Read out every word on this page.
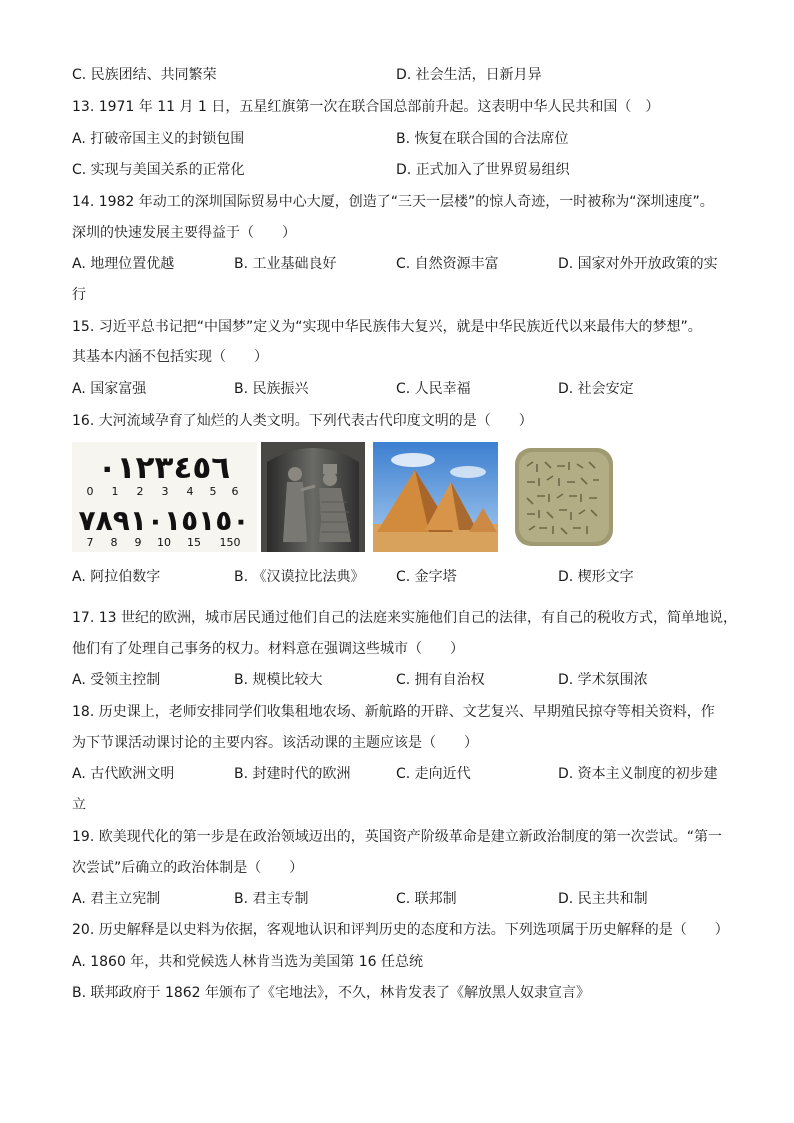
C. 民族团结、共同繁荣	D. 社会生活，日新月异
13. 1971 年 11 月 1 日，五星红旗第一次在联合国总部前升起。这表明中华人民共和国（　）
A. 打破帝国主义的封锁包围	B. 恢复在联合国的合法席位
C. 实现与美国关系的正常化	D. 正式加入了世界贸易组织
14. 1982 年动工的深圳国际贸易中心大厦，创造了“三天一层楼”的惊人奇迹，一时被称为“深圳速度”。
深圳的快速发展主要得益于（　　）
A. 地理位置优越	B. 工业基础良好	C. 自然资源丰富	D. 国家对外开放政策的实
行
15. 习近平总书记把“中国梦”定义为“实现中华民族伟大复兴，就是中华民族近代以来最伟大的梦想”。
其基本内涵不包括实现（　　）
A. 国家富强	B. 民族振兴	C. 人民幸福	D. 社会安定
16. 大河流域孕育了灿烂的人类文明。下列代表古代印度文明的是（　　）
٠١٢٣٤٥٦
0 1 2 3 4 5 6
٧٨٩١٠١٥١٥٠
7 8 9 10 15 150
A. 阿拉伯数字	B. 《汉谟拉比法典》 C. 金字塔	D. 楔形文字
17. 13 世纪的欧洲，城市居民通过他们自己的法庭来实施他们自己的法律，有自己的税收方式，简单地说，
他们有了处理自己事务的权力。材料意在强调这些城市（　　）
A. 受领主控制	B. 规模比较大	C. 拥有自治权	D. 学术氛围浓
18. 历史课上，老师安排同学们收集租地农场、新航路的开辟、文艺复兴、早期殖民掠夺等相关资料，作
为下节课活动课讨论的主要内容。该活动课的主题应该是（　　）
A. 古代欧洲文明	B. 封建时代的欧洲	C. 走向近代	D. 资本主义制度的初步建
立
19. 欧美现代化的第一步是在政治领域迈出的，英国资产阶级革命是建立新政治制度的第一次尝试。“第一
次尝试”后确立的政治体制是（　　）
A. 君主立宪制	B. 君主专制	C. 联邦制	D. 民主共和制
20. 历史解释是以史料为依据，客观地认识和评判历史的态度和方法。下列选项属于历史解释的是（　　）
A. 1860 年，共和党候选人林肯当选为美国第 16 任总统
B. 联邦政府于 1862 年颁布了《宅地法》，不久，林肯发表了《解放黑人奴隶宣言》
